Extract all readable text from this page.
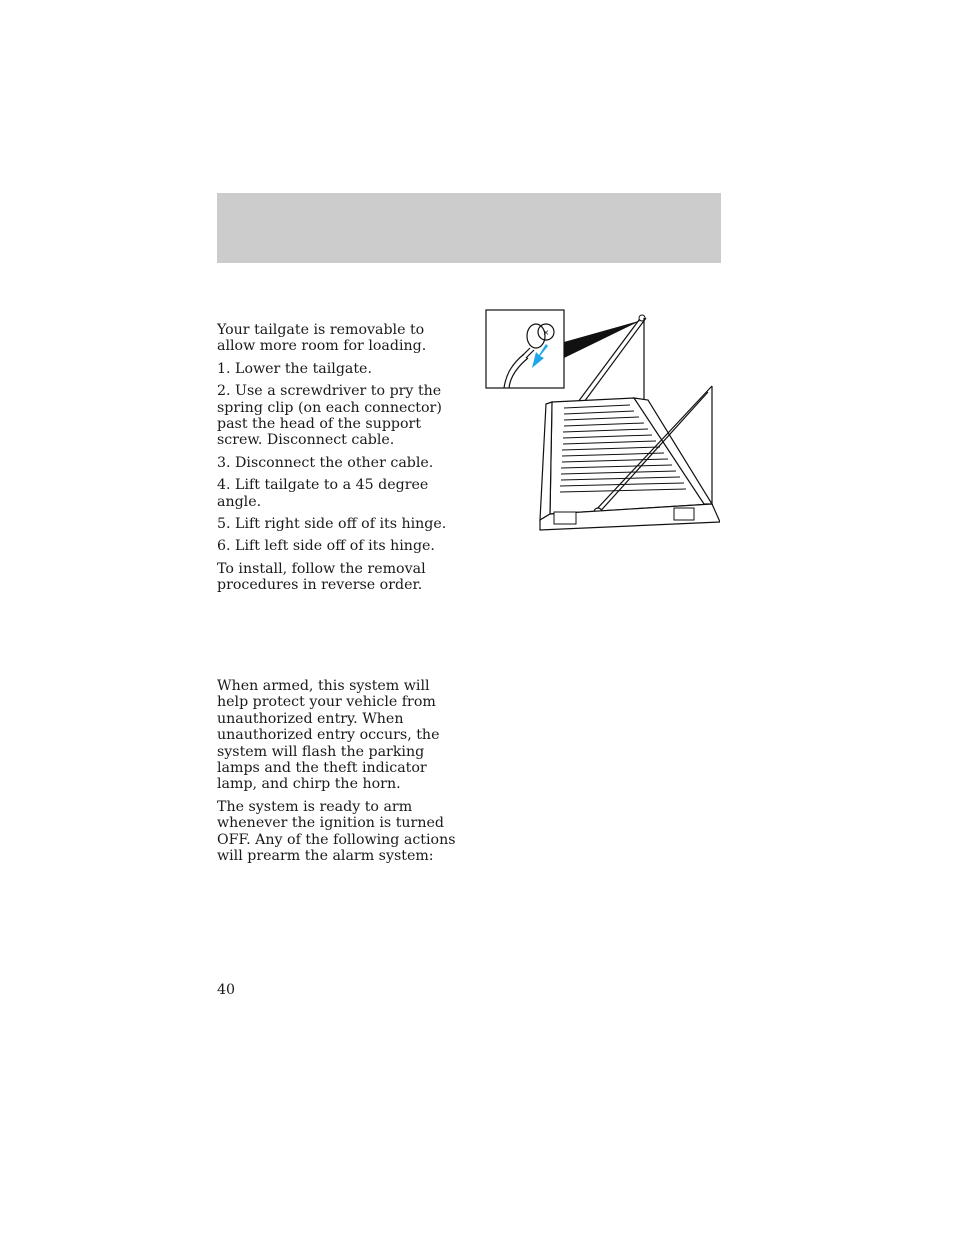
Your tailgate is removable to allow more room for loading.

1. Lower the tailgate.

2. Use a screwdriver to pry the spring clip (on each connector) past the head of the support screw. Disconnect cable.

3. Disconnect the other cable.

4. Lift tailgate to a 45 degree angle.

5. Lift right side off of its hinge.

6. Lift left side off of its hinge.

To install, follow the removal procedures in reverse order.

×

When armed, this system will help protect your vehicle from unauthorized entry. When unauthorized entry occurs, the system will flash the parking lamps and the theft indicator lamp, and chirp the horn.

The system is ready to arm whenever the ignition is turned OFF. Any of the following actions will prearm the alarm system:

40
